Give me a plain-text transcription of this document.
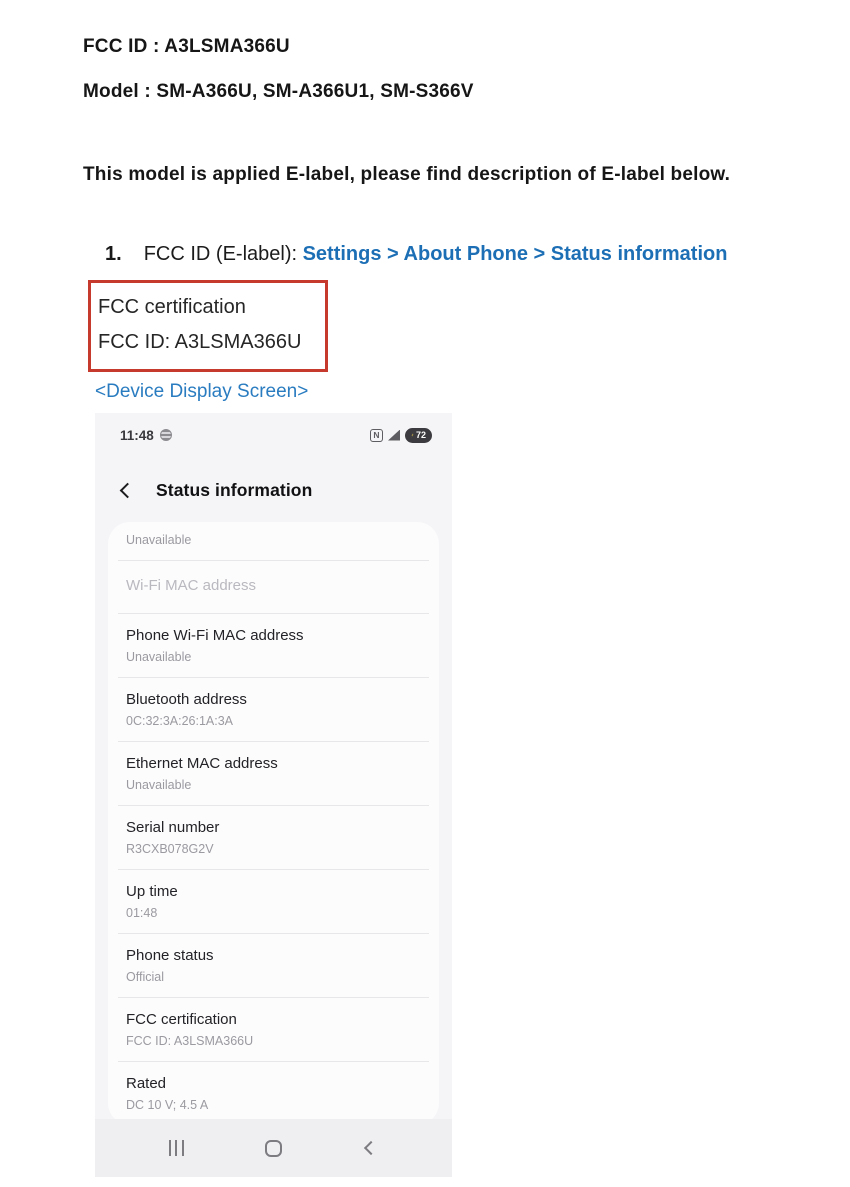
FCC ID : A3LSMA366U
Model : SM-A366U, SM-A366U1, SM-S366V
This model is applied E-label, please find description of E-label below.
1. FCC ID (E-label): Settings > About Phone > Status information
FCC certification
FCC ID: A3LSMA366U
<Device Display Screen>
11:48	N	72
Status information
Unavailable
Wi-Fi MAC address
Phone Wi-Fi MAC address
Unavailable
Bluetooth address
0C:32:3A:26:1A:3A
Ethernet MAC address
Unavailable
Serial number
R3CXB078G2V
Up time
01:48
Phone status
Official
FCC certification
FCC ID: A3LSMA366U
Rated
DC 10 V; 4.5 A
